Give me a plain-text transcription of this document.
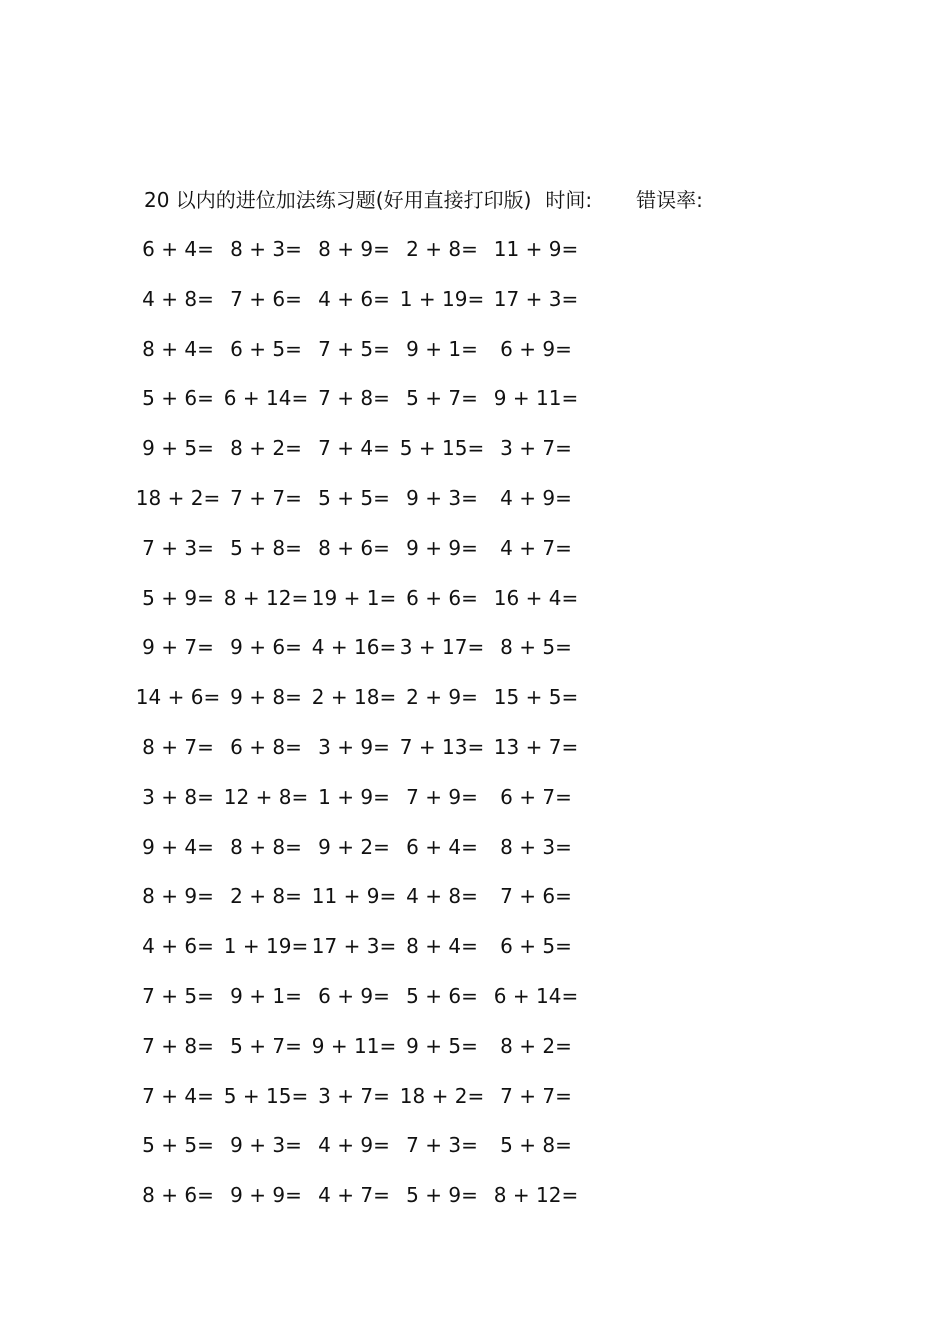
20 以内的进位加法练习题(好用直接打印版) 时间: 错误率:
6 + 4= 8 + 3= 8 + 9= 2 + 8= 11 + 9=
4 + 8= 7 + 6= 4 + 6= 1 + 19= 17 + 3=
8 + 4= 6 + 5= 7 + 5= 9 + 1= 6 + 9=
5 + 6= 6 + 14= 7 + 8= 5 + 7= 9 + 11=
9 + 5= 8 + 2= 7 + 4= 5 + 15= 3 + 7=
18 + 2= 7 + 7= 5 + 5= 9 + 3= 4 + 9=
7 + 3= 5 + 8= 8 + 6= 9 + 9= 4 + 7=
5 + 9= 8 + 12= 19 + 1= 6 + 6= 16 + 4=
9 + 7= 9 + 6= 4 + 16= 3 + 17= 8 + 5=
14 + 6= 9 + 8= 2 + 18= 2 + 9= 15 + 5=
8 + 7= 6 + 8= 3 + 9= 7 + 13= 13 + 7=
3 + 8= 12 + 8= 1 + 9= 7 + 9= 6 + 7=
9 + 4= 8 + 8= 9 + 2= 6 + 4= 8 + 3=
8 + 9= 2 + 8= 11 + 9= 4 + 8= 7 + 6=
4 + 6= 1 + 19= 17 + 3= 8 + 4= 6 + 5=
7 + 5= 9 + 1= 6 + 9= 5 + 6= 6 + 14=
7 + 8= 5 + 7= 9 + 11= 9 + 5= 8 + 2=
7 + 4= 5 + 15= 3 + 7= 18 + 2= 7 + 7=
5 + 5= 9 + 3= 4 + 9= 7 + 3= 5 + 8=
8 + 6= 9 + 9= 4 + 7= 5 + 9= 8 + 12=
